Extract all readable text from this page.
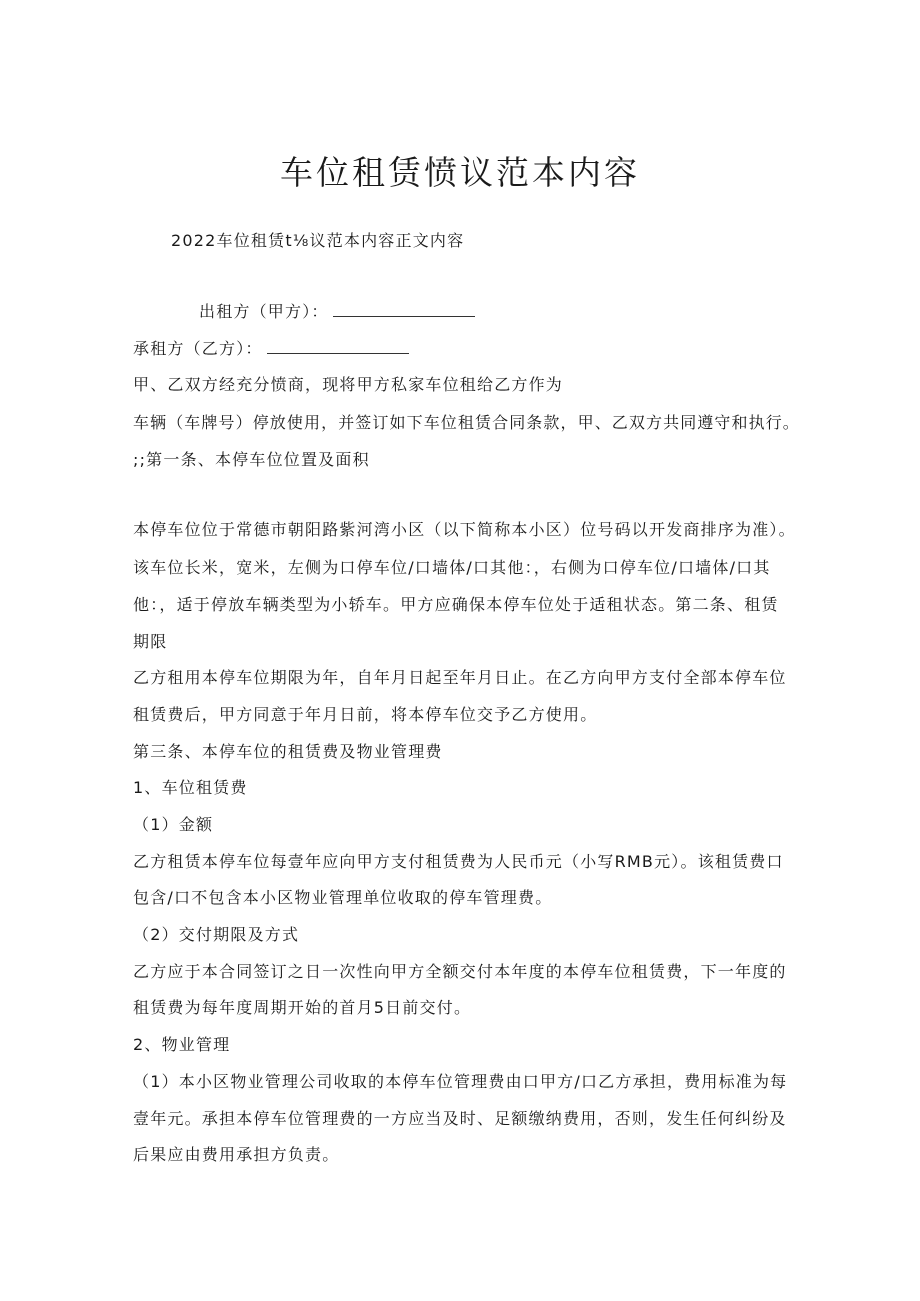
车位租赁愤议范本内容
2022车位租赁t⅛议范本内容正文内容
出租方（甲方）：
承租方（乙方）：
甲、乙双方经充分愤商，现将甲方私家车位租给乙方作为
车辆（车牌号）停放使用，并签订如下车位租赁合同条款，甲、乙双方共同遵守和执行。
;;第一条、本停车位位置及面积
本停车位位于常德市朝阳路紫河湾小区（以下简称本小区）位号码以开发商排序为准）。
该车位长米，宽米，左侧为口停车位/口墙体/口其他：，右侧为口停车位/口墙体/口其
他：，适于停放车辆类型为小轿车。甲方应确保本停车位处于适租状态。第二条、租赁
期限
乙方租用本停车位期限为年，自年月日起至年月日止。在乙方向甲方支付全部本停车位
租赁费后，甲方同意于年月日前，将本停车位交予乙方使用。
第三条、本停车位的租赁费及物业管理费
1、车位租赁费
（1）金额
乙方租赁本停车位每壹年应向甲方支付租赁费为人民币元（小写RMB元）。该租赁费口
包含/口不包含本小区物业管理单位收取的停车管理费。
（2）交付期限及方式
乙方应于本合同签订之日一次性向甲方全额交付本年度的本停车位租赁费，下一年度的
租赁费为每年度周期开始的首月5日前交付。
2、物业管理
（1）本小区物业管理公司收取的本停车位管理费由口甲方/口乙方承担，费用标准为每
壹年元。承担本停车位管理费的一方应当及时、足额缴纳费用，否则，发生任何纠纷及
后果应由费用承担方负责。
